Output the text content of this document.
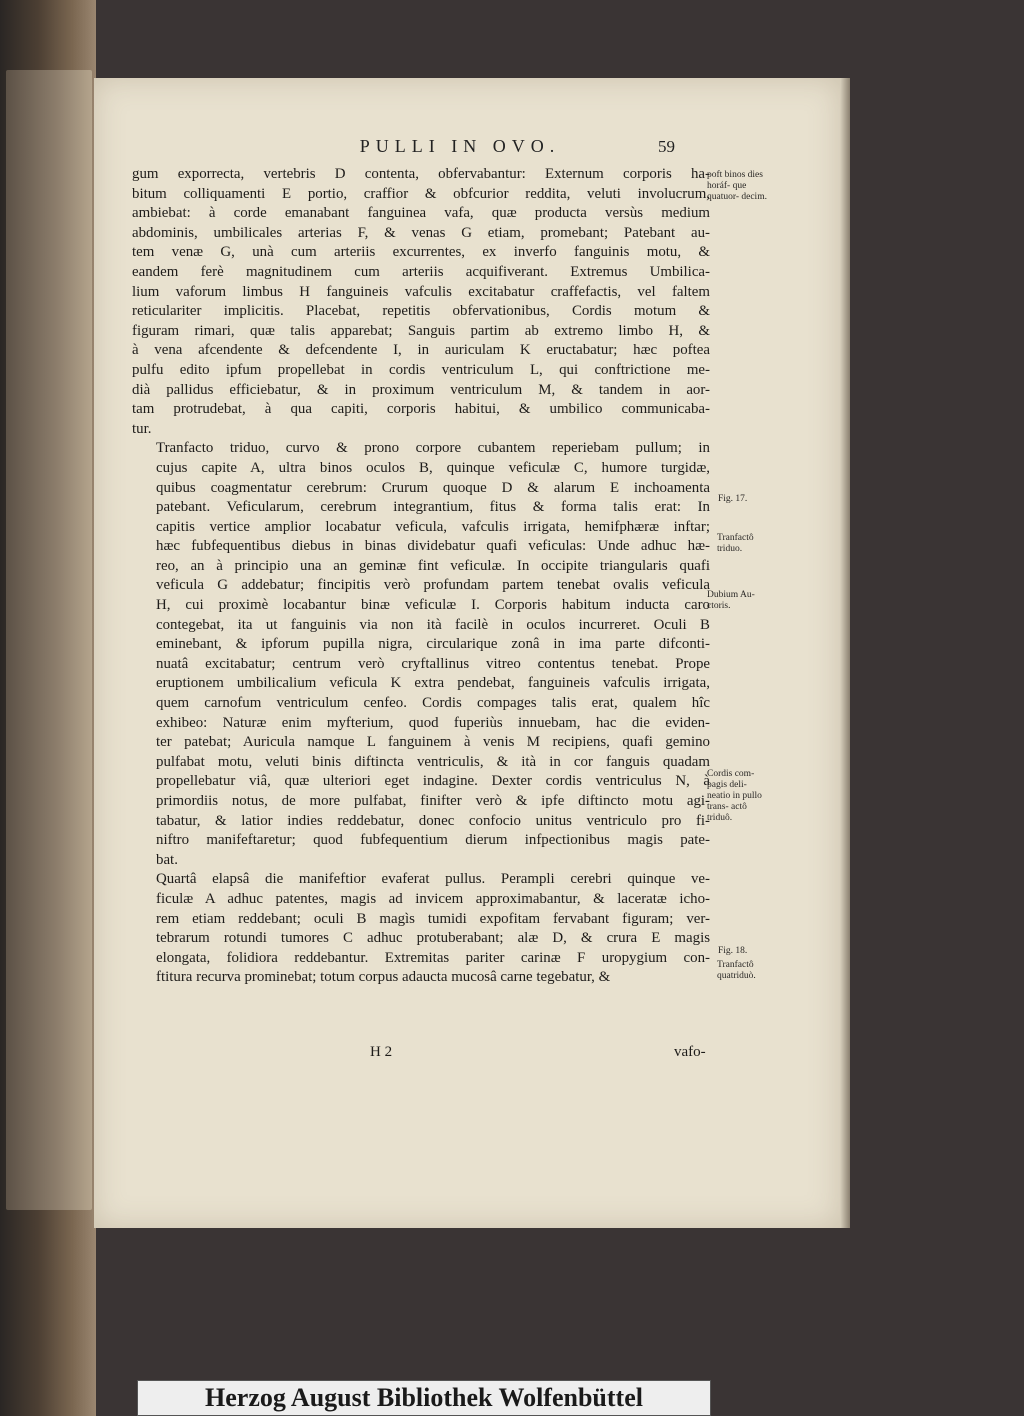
PULLI IN OVO.	59

gum exporrecta, vertebris D contenta, obfervabantur: Externum corporis ha-
bitum colliquamenti E portio, craffior & obfcurior reddita, veluti involucrum,
ambiebat: à corde emanabant fanguinea vafa, quæ producta versùs medium
abdominis, umbilicales arterias F, & venas G etiam, promebant; Patebant au-
tem venæ G, unà cum arteriis excurrentes, ex inverfo fanguinis motu, &
eandem ferè magnitudinem cum arteriis acquifiverant. Extremus Umbilica-
lium vaforum limbus H fanguineis vafculis excitabatur craffefactis, vel faltem
reticulariter implicitis. Placebat, repetitis obfervationibus, Cordis motum &
figuram rimari, quæ talis apparebat; Sanguis partim ab extremo limbo H, &
à vena afcendente & defcendente I, in auriculam K eructabatur; hæc poftea
pulfu edito ipfum propellebat in cordis ventriculum L, qui conftrictione me-
dià pallidus efficiebatur, & in proximum ventriculum M, & tandem in aor-
tam protrudebat, à qua capiti, corporis habitui, & umbilico communicaba-
tur.

Tranfacto triduo, curvo & prono corpore cubantem reperiebam pullum; in
cujus capite A, ultra binos oculos B, quinque veficulæ C, humore turgidæ,
quibus coagmentatur cerebrum: Crurum quoque D & alarum E inchoamenta
patebant. Veficularum, cerebrum integrantium, fitus & forma talis erat: In
capitis vertice amplior locabatur veficula, vafculis irrigata, hemifphæræ inftar;
hæc fubfequentibus diebus in binas dividebatur quafi veficulas: Unde adhuc hæ-
reo, an à principio una an geminæ fint veficulæ. In occipite triangularis quafi
veficula G addebatur; fincipitis verò profundam partem tenebat ovalis veficula
H, cui proximè locabantur binæ veficulæ I. Corporis habitum inducta caro
contegebat, ita ut fanguinis via non ità facilè in oculos incurreret. Oculi B
eminebant, & ipforum pupilla nigra, circularique zonâ in ima parte difconti-
nuatâ excitabatur; centrum verò cryftallinus vitreo contentus tenebat. Prope
eruptionem umbilicalium veficula K extra pendebat, fanguineis vafculis irrigata,
quem carnofum ventriculum cenfeo. Cordis compages talis erat, qualem hîc
exhibeo: Naturæ enim myfterium, quod fuperiùs innuebam, hac die eviden-
ter patebat; Auricula namque L fanguinem à venis M recipiens, quafi gemino
pulfabat motu, veluti binis diftincta ventriculis, & ità in cor fanguis quadam
propellebatur viâ, quæ ulteriori eget indagine. Dexter cordis ventriculus N, à
primordiis notus, de more pulfabat, finifter verò & ipfe diftincto motu agi-
tabatur, & latior indies reddebatur, donec confocio unitus ventriculo pro fi-
niftro manifeftaretur; quod fubfequentium dierum infpectionibus magis pate-
bat.

Quartâ elapsâ die manifeftior evaferat pullus. Perampli cerebri quinque ve-
ficulæ A adhuc patentes, magis ad invicem approximabantur, & laceratæ icho-
rem etiam reddebant; oculi B magìs tumidi expofitam fervabant figuram; ver-
tebrarum rotundi tumores C adhuc protuberabant; alæ D, & crura E magis
elongata, folidiora reddebantur. Extremitas pariter carinæ F uropygium con-
ftitura recurva prominebat; totum corpus adaucta mucosâ carne tegebatur, &

poft binos dies horáf- que quatuor- decim.
Fig. 17.
Tranfactô triduo.
Dubium Au- ctoris.
Cordis com- pagis deli- neatio in pullo trans- actô triduô.
Fig. 18.
Tranfactô quatriduò.
H 2	vafo-
Herzog August Bibliothek Wolfenbüttel
